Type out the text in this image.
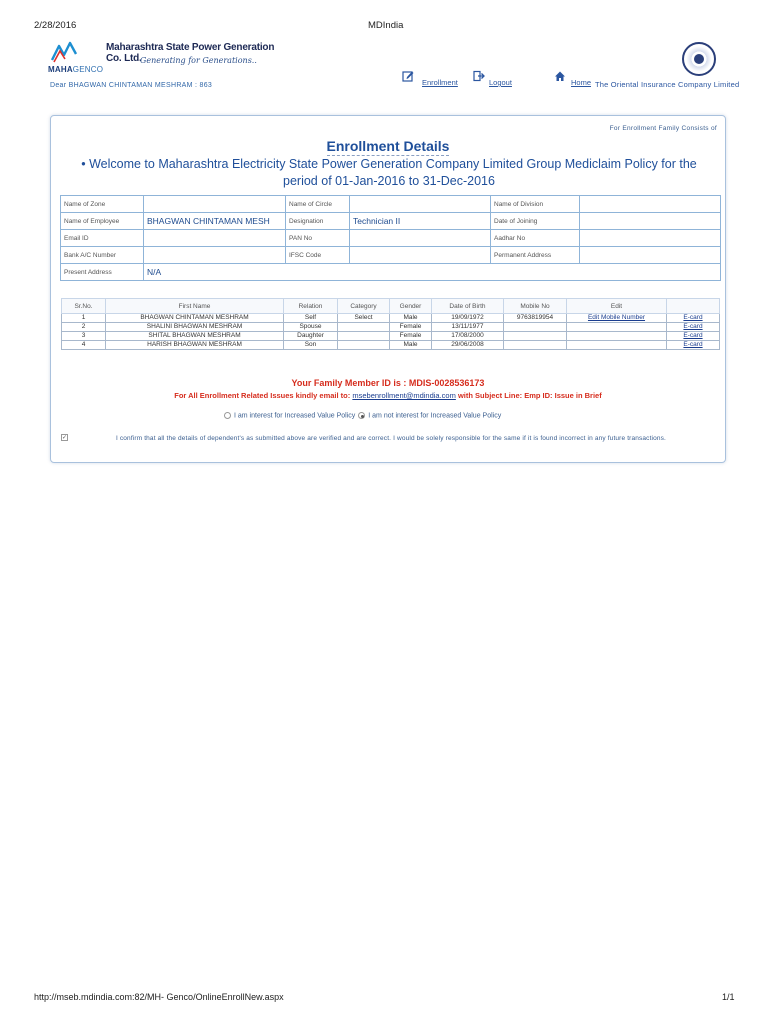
2/28/2016	MDIndia
MAHAGENCO
Maharashtra State Power Generation Co. Ltd.
Generating for Generations..
Dear BHAGWAN CHINTAMAN MESHRAM : 863	Enrollment	Logout	Home The Oriental Insurance Company Limited
For Enrollment Family Consists of
Enrollment Details
• Welcome to Maharashtra Electricity State Power Generation Company Limited Group Mediclaim Policy for the period of 01-Jan-2016 to 31-Dec-2016
Name of Zone		Name of Circle		Name of Division	
Name of Employee	BHAGWAN CHINTAMAN MESH	Designation	Technician II	Date of Joining	
Email ID		PAN No		Aadhar No	
Bank A/C Number		IFSC Code		Permanent Address	
Present Address	N/A				
Sr.No.	First Name	Relation	Category	Gender	Date of Birth	Mobile No	Edit	
1	BHAGWAN CHINTAMAN MESHRAM	Self	Select	Male	19/09/1972	9763819954	Edit Mobile Number	E-card
2	SHALINI BHAGWAN MESHRAM	Spouse		Female	13/11/1977			E-card
3	SHITAL BHAGWAN MESHRAM	Daughter		Female	17/08/2000			E-card
4	HARISH BHAGWAN MESHRAM	Son		Male	29/06/2008			E-card
Your Family Member ID is : MDIS-0028536173
For All Enrollment Related Issues kindly email to: msebenrollment@mdindia.com with Subject Line: Emp ID: Issue in Brief
I am interest for Increased Value Policy I am not interest for Increased Value Policy
✓	I confirm that all the details of dependent's as submitted above are verified and are correct. I would be solely responsible for the same if it is found incorrect in any future transactions.
http://mseb.mdindia.com:82/MH- Genco/OnlineEnrollNew.aspx	1/1
